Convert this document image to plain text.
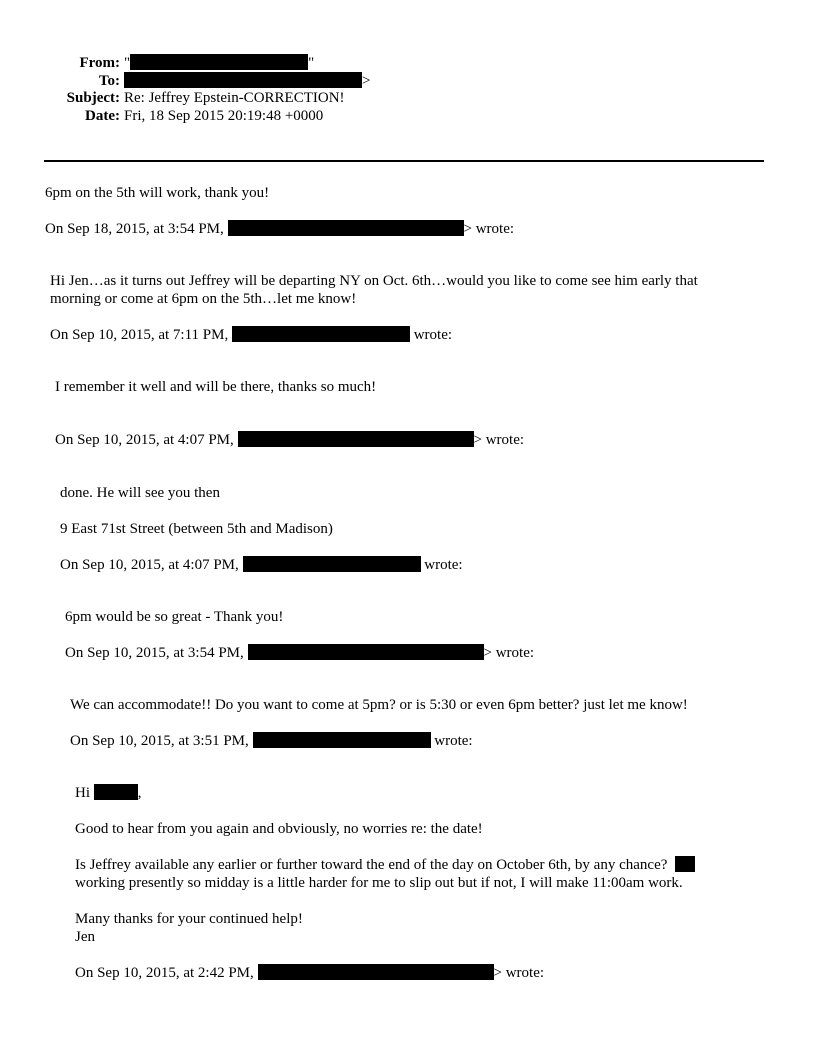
From: "	"
To:	>
Subject: Re: Jeffrey Epstein-CORRECTION!
Date: Fri, 18 Sep 2015 20:19:48 +0000
6pm on the 5th will work, thank you!
On Sep 18, 2015, at 3:54 PM,	> wrote:
Hi Jen…as it turns out Jeffrey will be departing NY on Oct. 6th…would you like to come see him early that morning or come at 6pm on the 5th…let me know!
On Sep 10, 2015, at 7:11 PM,	wrote:
I remember it well and will be there, thanks so much!
On Sep 10, 2015, at 4:07 PM,	> wrote:
done. He will see you then
9 East 71st Street (between 5th and Madison)
On Sep 10, 2015, at 4:07 PM,	wrote:
6pm would be so great - Thank you!
On Sep 10, 2015, at 3:54 PM,	> wrote:
We can accommodate!! Do you want to come at 5pm? or is 5:30 or even 6pm better? just let me know!
On Sep 10, 2015, at 3:51 PM,	wrote:
Hi	,
Good to hear from you again and obviously, no worries re: the date!
Is Jeffrey available any earlier or further toward the end of the day on October 6th, by any chance?
working presently so midday is a little harder for me to slip out but if not, I will make 11:00am work.
Many thanks for your continued help!
Jen
On Sep 10, 2015, at 2:42 PM,	> wrote:
